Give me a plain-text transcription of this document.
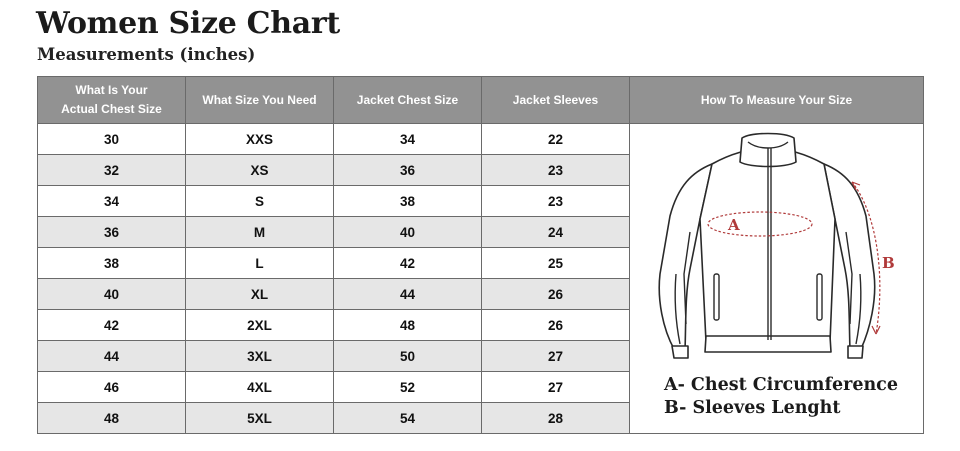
Women Size Chart
Measurements (inches)
What Is Your
Actual Chest Size	What Size You Need	Jacket Chest Size	Jacket Sleeves	How To Measure Your Size
30	XXS	34	22	A
B
A- Chest Circumference
B- Sleeves Lenght

32	XS	36	23	
34	S	38	23	
36	M	40	24	
38	L	42	25	
40	XL	44	26	
42	2XL	48	26	
44	3XL	50	27	
46	4XL	52	27	
48	5XL	54	28	
